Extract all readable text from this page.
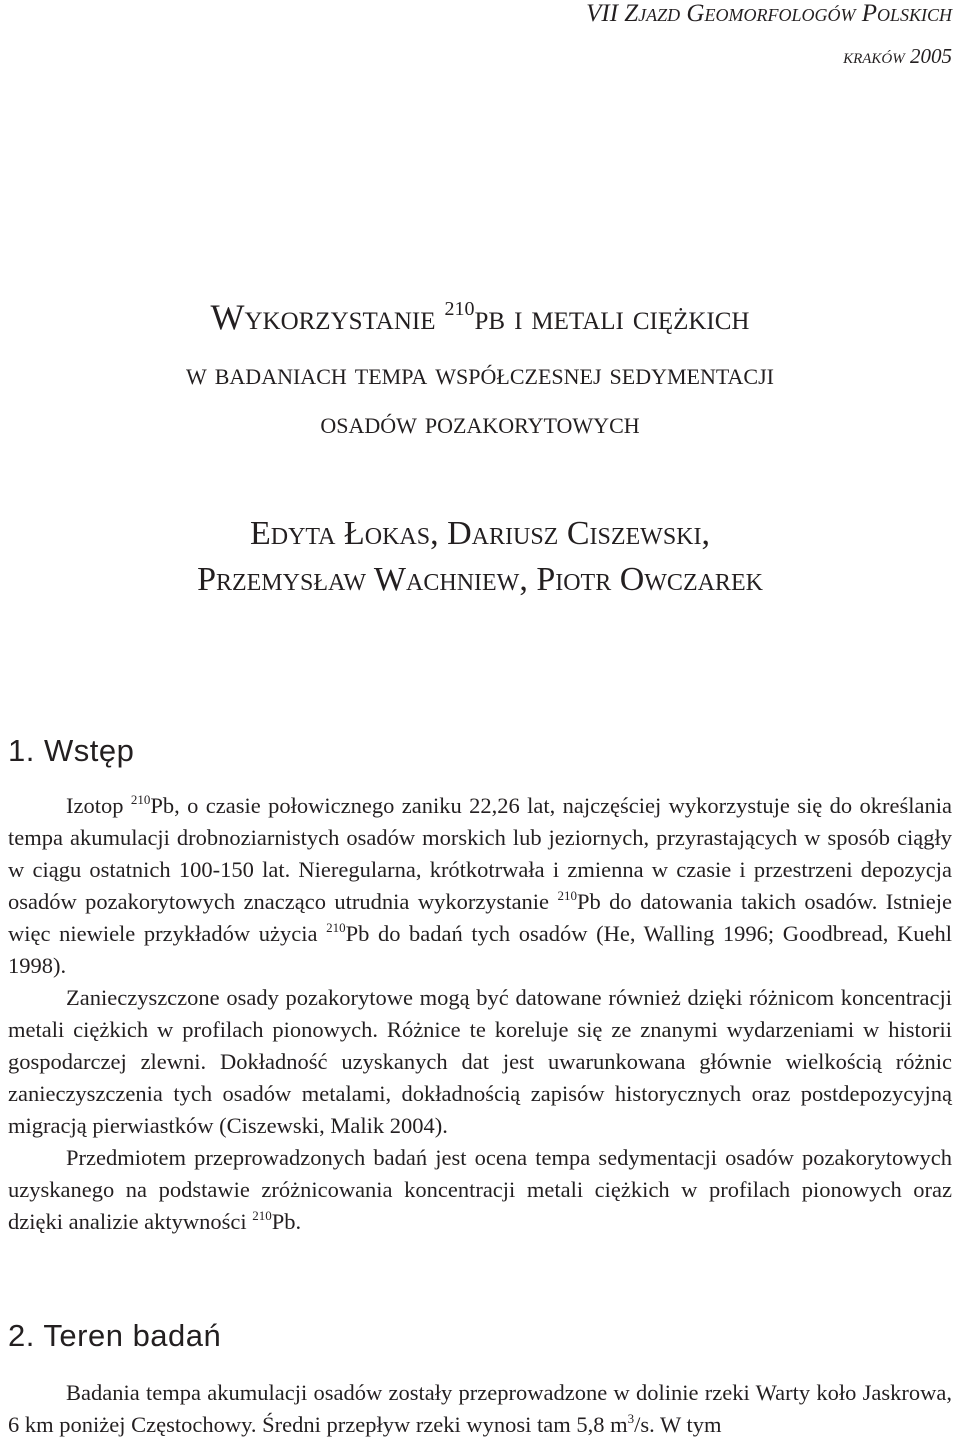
VII Zjazd Geomorfologów Polskich
kraków 2005
Wykorzystanie $^{210}$pb i metali ciężkich
w badaniach tempa współczesnej sedymentacji
osadów pozakorytowych
Edyta Łokas, Dariusz Ciszewski,
Przemysław Wachniew, Piotr Owczarek
1. Wstęp

Izotop $^{210}$Pb, o czasie połowicznego zaniku 22,26 lat, najczęściej wykorzystuje się do określania tempa akumulacji drobnoziarnistych osadów morskich lub jeziornych, przyrastających w sposób ciągły w ciągu ostatnich 100-150 lat. Nieregularna, krótkotrwała i zmienna w czasie i przestrzeni depozycja osadów pozakorytowych znacząco utrudnia wykorzystanie $^{210}$Pb do datowania takich osadów. Istnieje więc niewiele przykładów użycia $^{210}$Pb do badań tych osadów (He, Walling 1996; Goodbread, Kuehl 1998).

Zanieczyszczone osady pozakorytowe mogą być datowane również dzięki różnicom koncentracji metali ciężkich w profilach pionowych. Różnice te koreluje się ze znanymi wydarzeniami w historii gospodarczej zlewni. Dokładność uzyskanych dat jest uwarunkowana głównie wielkością różnic zanieczyszczenia tych osadów metalami, dokładnością zapisów historycznych oraz postdepozycyjną migracją pierwiastków (Ciszewski, Malik 2004).

Przedmiotem przeprowadzonych badań jest ocena tempa sedymentacji osadów pozakorytowych uzyskanego na podstawie zróżnicowania koncentracji metali ciężkich w profilach pionowych oraz dzięki analizie aktywności $^{210}$Pb.

2. Teren badań

Badania tempa akumulacji osadów zostały przeprowadzone w dolinie rzeki Warty koło Jaskrowa, 6 km poniżej Częstochowy. Średni przepływ rzeki wynosi tam 5,8 $m^3/s$. W tym
